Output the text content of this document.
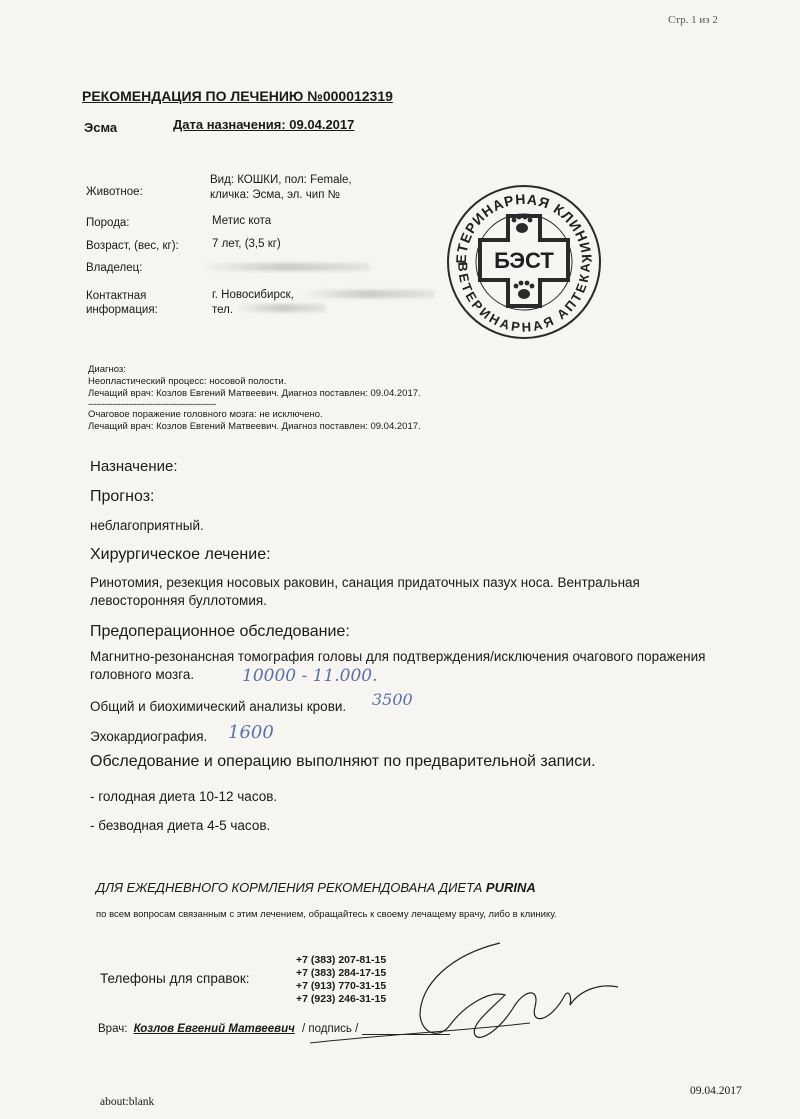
Стр. 1 из 2
РЕКОМЕНДАЦИЯ ПО ЛЕЧЕНИЮ №000012319
Эсма	Дата назначения: 09.04.2017
Животное:
Вид: КОШКИ, пол: Female,
кличка: Эсма, эл. чип №
Порода:	Метис кота
Возраст, (вес, кг):	7 лет, (3,5 кг)
Владелец:
Контактная
информация:
г. Новосибирск,
тел.
ЕТЕРИНАРНАЯ КЛИНИК
ВЕТЕРИНАРНАЯ АПТЕКА
БЭСТ
Диагноз:
Неопластический процесс: носовой полости.
Лечащий врач: Козлов Евгений Матвеевич. Диагноз поставлен: 09.04.2017.
------------------------------------------------
Очаговое поражение головного мозга: не исключено.
Лечащий врач: Козлов Евгений Матвеевич. Диагноз поставлен: 09.04.2017.
Назначение:
Прогноз:
неблагоприятный.
Хирургическое лечение:
Ринотомия, резекция носовых раковин, санация придаточных пазух носа. Вентральная
левосторонняя буллотомия.
Предоперационное обследование:
Магнитно-резонансная томография головы для подтверждения/исключения очагового поражения
головного мозга.	10000 - 11.000.
Общий и биохимический анализы крови. 3500
Эхокардиография. 1600
Обследование и операцию выполняют по предварительной записи.
- голодная диета 10-12 часов.
- безводная диета 4-5 часов.
ДЛЯ ЕЖЕДНЕВНОГО КОРМЛЕНИЯ РЕКОМЕНДОВАНА ДИЕТА PURINA
по всем вопросам связанным с этим лечением, обращайтесь к своему лечащему врачу, либо в клинику.
Телефоны для справок:
+7 (383) 207-81-15
+7 (383) 284-17-15
+7 (913) 770-31-15
+7 (923) 246-31-15
Врач: Козлов Евгений Матвеевич / подпись /
about:blank
09.04.2017
